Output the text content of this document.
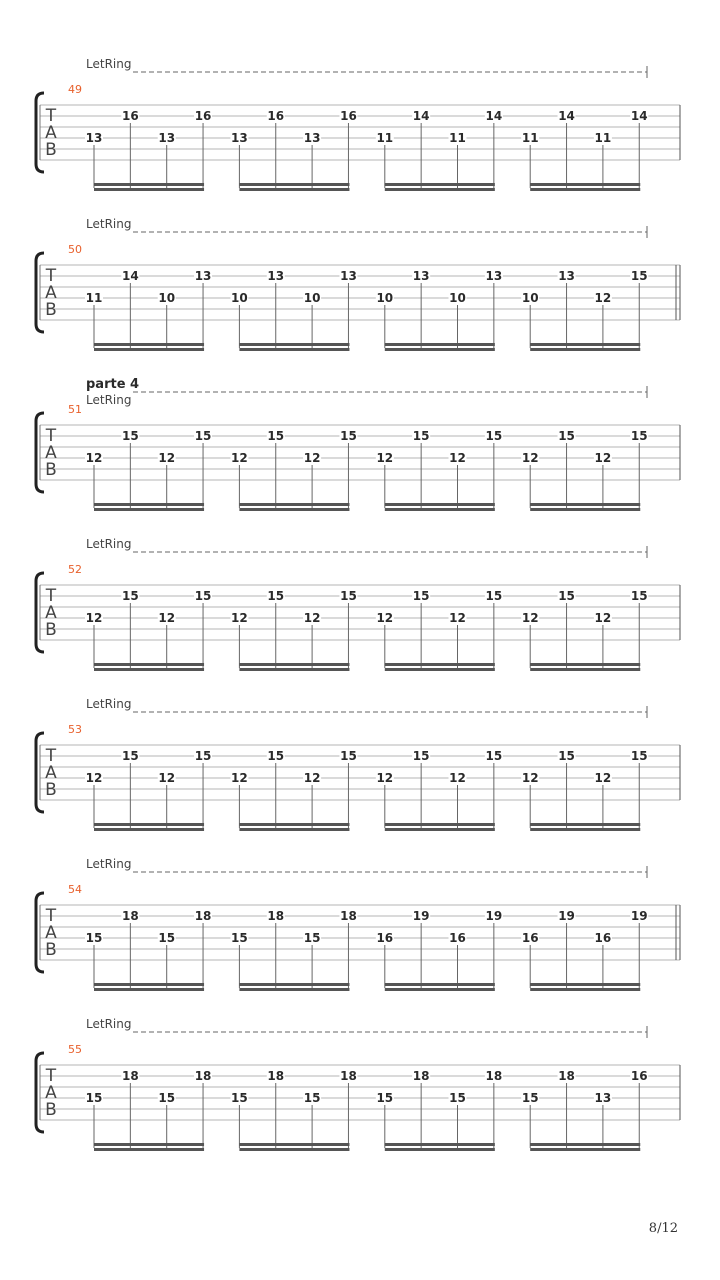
LetRing
49
T
A
B
13
16
13
16
13
16
13
16
11
14
11
14
11
14
11
14
LetRing
50
T
A
B
11
14
10
13
10
13
10
13
10
13
10
13
10
13
12
15
parte 4
LetRing
51
T
A
B
12
15
12
15
12
15
12
15
12
15
12
15
12
15
12
15
LetRing
52
T
A
B
12
15
12
15
12
15
12
15
12
15
12
15
12
15
12
15
LetRing
53
T
A
B
12
15
12
15
12
15
12
15
12
15
12
15
12
15
12
15
LetRing
54
T
A
B
15
18
15
18
15
18
15
18
16
19
16
19
16
19
16
19
LetRing
55
T
A
B
15
18
15
18
15
18
15
18
15
18
15
18
15
18
13
16
8/12
